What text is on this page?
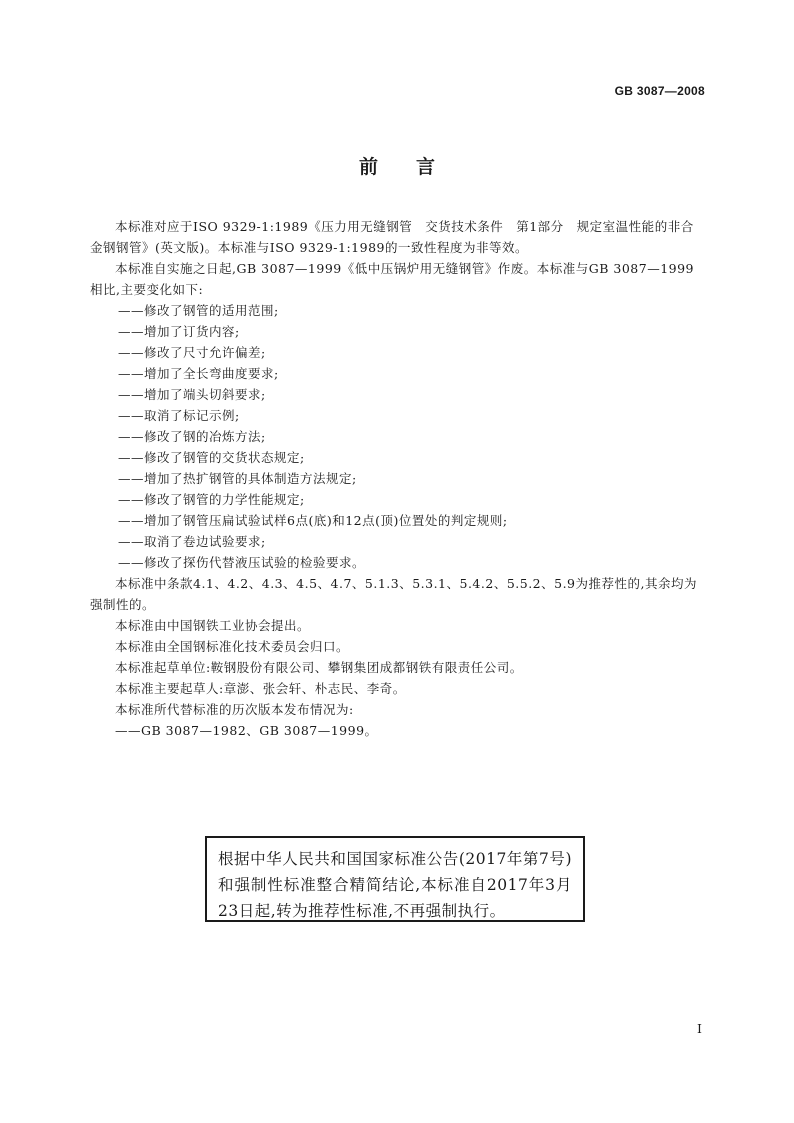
GB 3087—2008
前言

本标准对应于ISO 9329-1:1989《压力用无缝钢管　交货技术条件　第1部分　规定室温性能的非合金钢钢管》(英文版)。本标准与ISO 9329-1:1989的一致性程度为非等效。

本标准自实施之日起,GB 3087—1999《低中压锅炉用无缝钢管》作废。本标准与GB 3087—1999相比,主要变化如下:

——修改了钢管的适用范围;
——增加了订货内容;
——修改了尺寸允许偏差;
——增加了全长弯曲度要求;
——增加了端头切斜要求;
——取消了标记示例;
——修改了钢的冶炼方法;
——修改了钢管的交货状态规定;
——增加了热扩钢管的具体制造方法规定;
——修改了钢管的力学性能规定;
——增加了钢管压扁试验试样6点(底)和12点(顶)位置处的判定规则;
——取消了卷边试验要求;
——修改了探伤代替液压试验的检验要求。

本标准中条款4.1、4.2、4.3、4.5、4.7、5.1.3、5.3.1、5.4.2、5.5.2、5.9为推荐性的,其余均为强制性的。

本标准由中国钢铁工业协会提出。

本标准由全国钢标准化技术委员会归口。

本标准起草单位:鞍钢股份有限公司、攀钢集团成都钢铁有限责任公司。

本标准主要起草人:章澎、张会轩、朴志民、李奇。

本标准所代替标准的历次版本发布情况为:

——GB 3087—1982、GB 3087—1999。

根据中华人民共和国国家标准公告(2017年第7号)和强制性标准整合精简结论,本标准自2017年3月23日起,转为推荐性标准,不再强制执行。
I
